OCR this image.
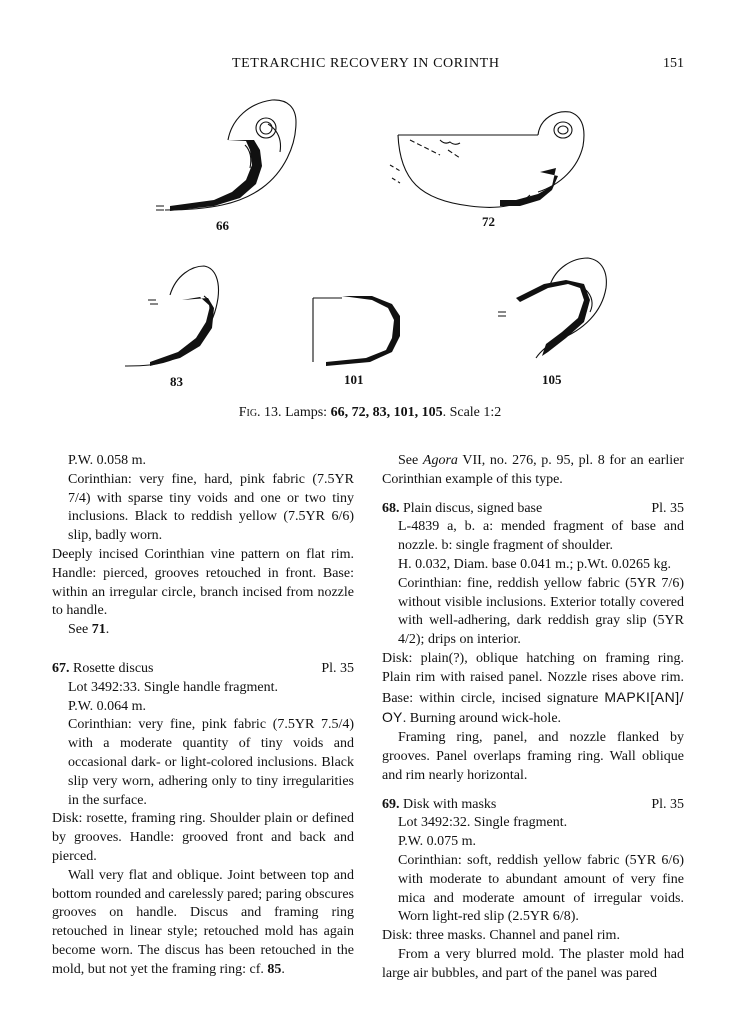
TETRARCHIC RECOVERY IN CORINTH	151
66	72
83	101	105
Fig. 13. Lamps: 66, 72, 83, 101, 105. Scale 1:2

P.W. 0.058 m.

Corinthian: very fine, hard, pink fabric (7.5YR 7/4) with sparse tiny voids and one or two tiny inclusions. Black to reddish yellow (7.5YR 6/6) slip, badly worn.

Deeply incised Corinthian vine pattern on flat rim. Handle: pierced, grooves retouched in front. Base: within an irregular circle, branch incised from nozzle to handle.

See 71.

67. Rosette discus	Pl. 35

Lot 3492:33. Single handle fragment.

P.W. 0.064 m.

Corinthian: very fine, pink fabric (7.5YR 7.5/4) with a moderate quantity of tiny voids and occasional dark- or light-colored inclusions. Black slip very worn, adhering only to tiny irregularities in the surface.

Disk: rosette, framing ring. Shoulder plain or defined by grooves. Handle: grooved front and back and pierced.

Wall very flat and oblique. Joint between top and bottom rounded and carelessly pared; paring obscures grooves on handle. Discus and framing ring retouched in linear style; retouched mold has again become worn. The discus has been retouched in the mold, but not yet the framing ring: cf. 85.

See Agora VII, no. 276, p. 95, pl. 8 for an earlier Corinthian example of this type.

68. Plain discus, signed base	Pl. 35

L-4839 a, b. a: mended fragment of base and nozzle. b: single fragment of shoulder.

H. 0.032, Diam. base 0.041 m.; p.Wt. 0.0265 kg.

Corinthian: fine, reddish yellow fabric (5YR 7/6) without visible inclusions. Exterior totally covered with well-adhering, dark reddish gray slip (5YR 4/2); drips on interior.

Disk: plain(?), oblique hatching on framing ring. Plain rim with raised panel. Nozzle rises above rim. Base: within circle, incised signature ΜΑΡΚΙ[ΑΝ]/ΟΥ. Burning around wick-hole.

Framing ring, panel, and nozzle flanked by grooves. Panel overlaps framing ring. Wall oblique and rim nearly horizontal.

69. Disk with masks	Pl. 35

Lot 3492:32. Single fragment.

P.W. 0.075 m.

Corinthian: soft, reddish yellow fabric (5YR 6/6) with moderate to abundant amount of very fine mica and moderate amount of irregular voids. Worn light-red slip (2.5YR 6/8).

Disk: three masks. Channel and panel rim.

From a very blurred mold. The plaster mold had large air bubbles, and part of the panel was pared
